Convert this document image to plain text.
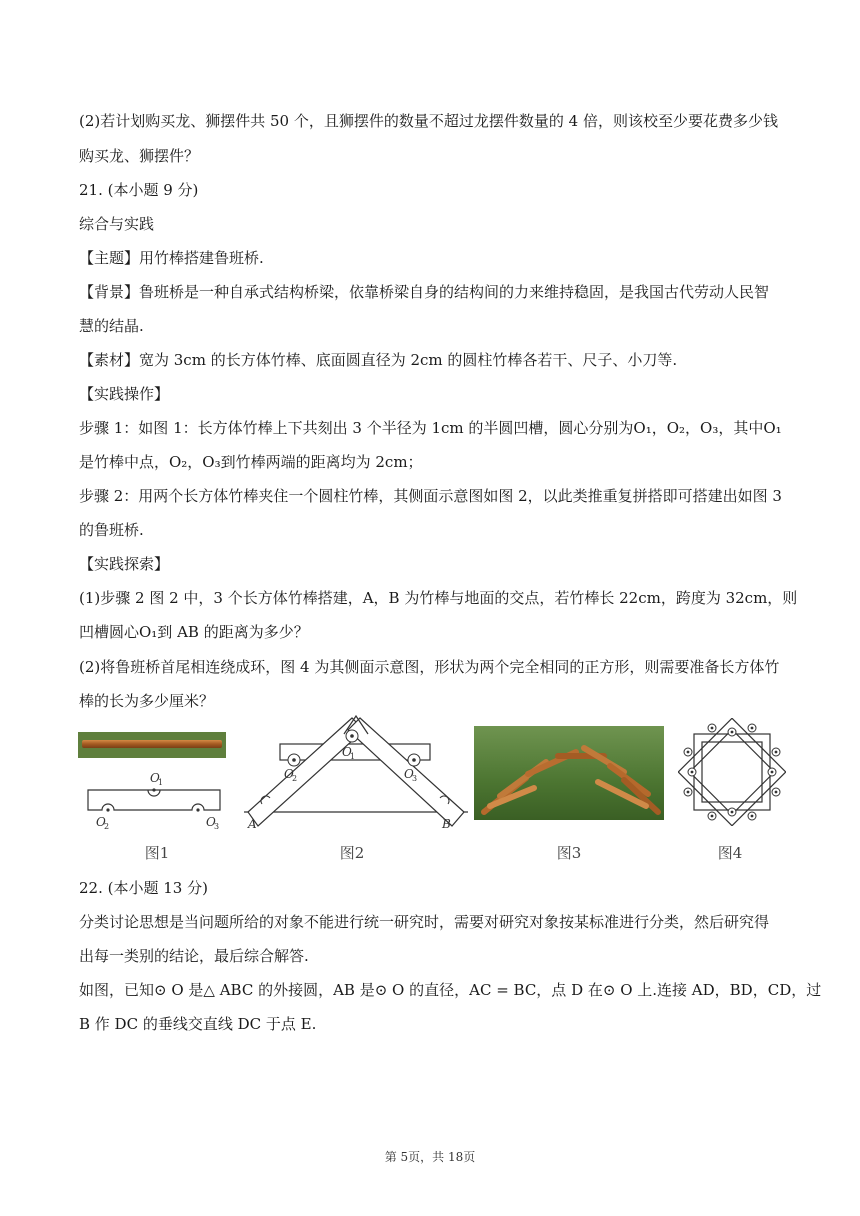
(2)若计划购买龙、狮摆件共 50 个，且狮摆件的数量不超过龙摆件数量的 4 倍，则该校至少要花费多少钱
购买龙、狮摆件？
21. (本小题 9 分)
综合与实践
【主题】用竹棒搭建鲁班桥.
【背景】鲁班桥是一种自承式结构桥梁，依靠桥梁自身的结构间的力来维持稳固，是我国古代劳动人民智
慧的结晶.
【素材】宽为 3cm 的长方体竹棒、底面圆直径为 2cm 的圆柱竹棒各若干、尺子、小刀等.
【实践操作】
步骤 1：如图 1：长方体竹棒上下共刻出 3 个半径为 1cm 的半圆凹槽，圆心分别为O₁，O₂，O₃，其中O₁
是竹棒中点，O₂，O₃到竹棒两端的距离均为 2cm；
步骤 2：用两个长方体竹棒夹住一个圆柱竹棒，其侧面示意图如图 2，以此类推重复拼搭即可搭建出如图 3
的鲁班桥.
【实践探索】
(1)步骤 2 图 2 中，3 个长方体竹棒搭建，A，B 为竹棒与地面的交点，若竹棒长 22cm，跨度为 32cm，则
凹槽圆心O₁到 AB 的距离为多少？
(2)将鲁班桥首尾相连绕成环，图 4 为其侧面示意图，形状为两个完全相同的正方形，则需要准备长方体竹
棒的长为多少厘米？
O
1
O
2	O
3
图1
O
1
O
2	O
3
A	B
图2	图3	图4
22. (本小题 13 分)
分类讨论思想是当问题所给的对象不能进行统一研究时，需要对研究对象按某标准进行分类，然后研究得
出每一类别的结论，最后综合解答.
如图，已知⊙ O 是△ ABC 的外接圆，AB 是⊙ O 的直径，AC = BC，点 D 在⊙ O 上.连接 AD，BD，CD，过
B 作 DC 的垂线交直线 DC 于点 E.
第 5页，共 18页
